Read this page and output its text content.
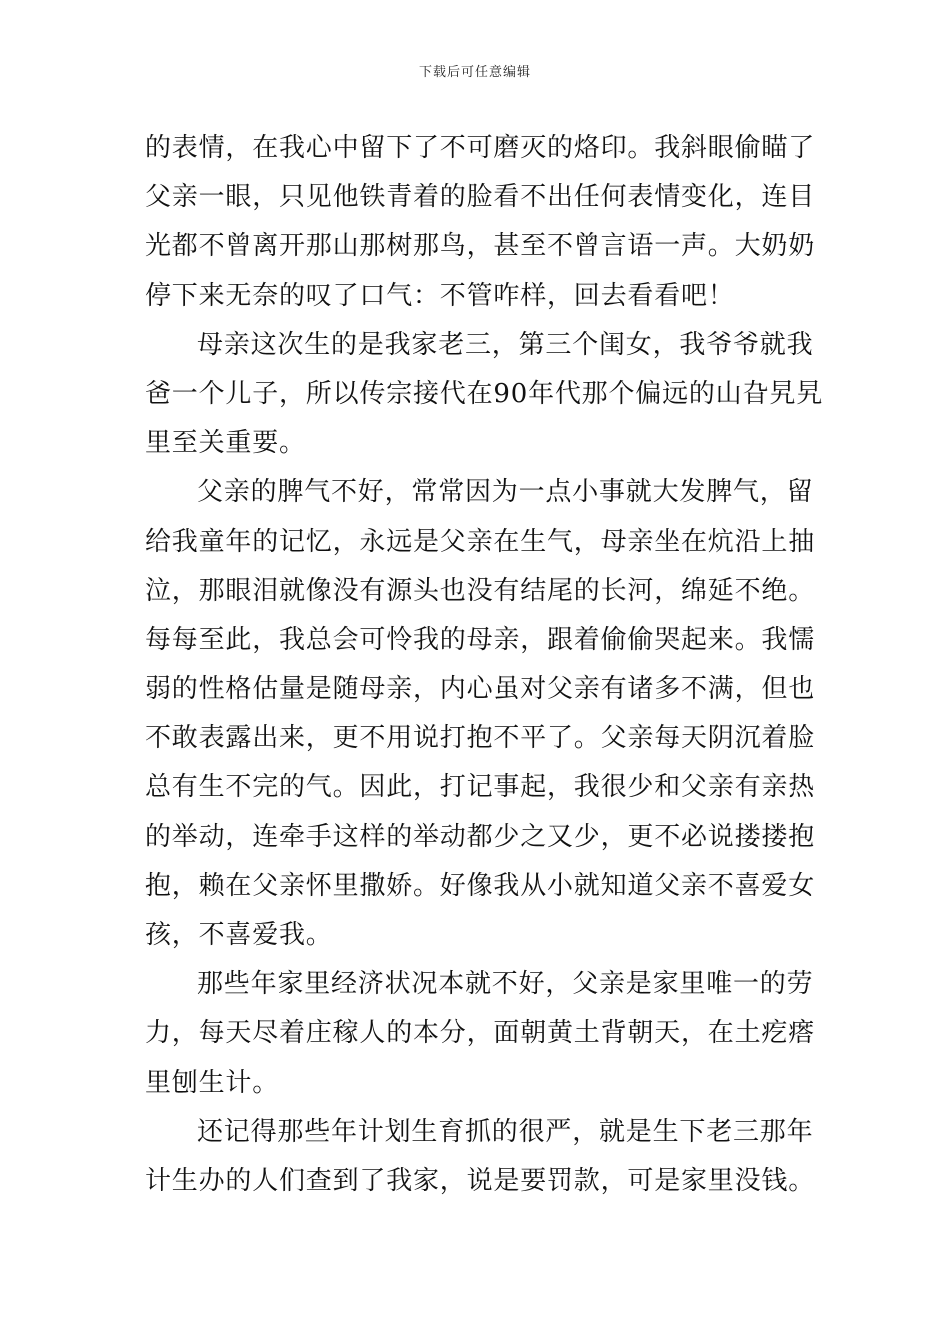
下载后可任意编辑
的表情，在我心中留下了不可磨灭的烙印。我斜眼偷瞄了
父亲一眼，只见他铁青着的脸看不出任何表情变化，连目
光都不曾离开那山那树那鸟，甚至不曾言语一声。大奶奶
停下来无奈的叹了口气：不管咋样，回去看看吧！
母亲这次生的是我家老三，第三个闺女，我爷爷就我
爸一个儿子，所以传宗接代在90年代那个偏远的山旮旯旯
里至关重要。
父亲的脾气不好，常常因为一点小事就大发脾气，留
给我童年的记忆，永远是父亲在生气，母亲坐在炕沿上抽
泣，那眼泪就像没有源头也没有结尾的长河，绵延不绝。
每每至此，我总会可怜我的母亲，跟着偷偷哭起来。我懦
弱的性格估量是随母亲，内心虽对父亲有诸多不满，但也
不敢表露出来，更不用说打抱不平了。父亲每天阴沉着脸
总有生不完的气。因此，打记事起，我很少和父亲有亲热
的举动，连牵手这样的举动都少之又少，更不必说搂搂抱
抱，赖在父亲怀里撒娇。好像我从小就知道父亲不喜爱女
孩，不喜爱我。
那些年家里经济状况本就不好，父亲是家里唯一的劳
力，每天尽着庄稼人的本分，面朝黄土背朝天，在土疙瘩
里刨生计。
还记得那些年计划生育抓的很严，就是生下老三那年
计生办的人们查到了我家，说是要罚款，可是家里没钱。
